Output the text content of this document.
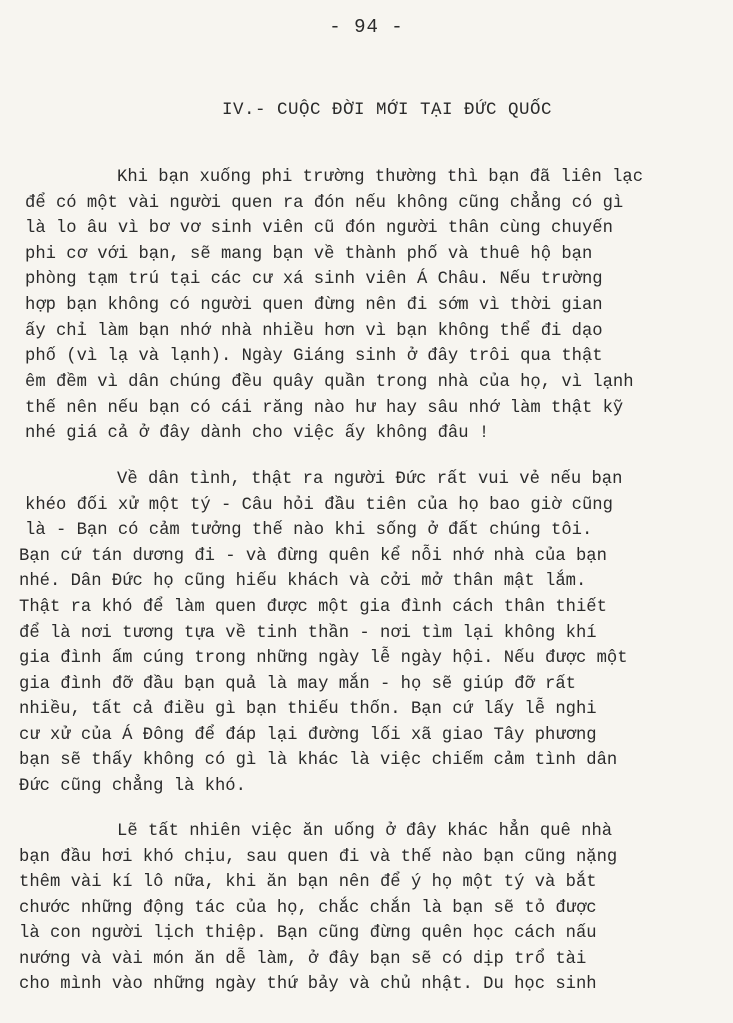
- 94 -
IV.- CUỘC ĐỜI MỚI TẠI ĐỨC QUỐC
Khi bạn xuống phi trường thường thì bạn đã liên lạc
để có một vài người quen ra đón nếu không cũng chẳng có gì
là lo âu vì bơ vơ sinh viên cũ đón người thân cùng chuyến
phi cơ với bạn, sẽ mang bạn về thành phố và thuê hộ bạn
phòng tạm trú tại các cư xá sinh viên Á Châu. Nếu trường
hợp bạn không có người quen đừng nên đi sớm vì thời gian
ấy chỉ làm bạn nhớ nhà nhiều hơn vì bạn không thể đi dạo
phố (vì lạ và lạnh). Ngày Giáng sinh ở đây trôi qua thật
êm đềm vì dân chúng đều quây quần trong nhà của họ, vì lạnh
thế nên nếu bạn có cái răng nào hư hay sâu nhớ làm thật kỹ
nhé giá cả ở đây dành cho việc ấy không đâu !
Về dân tình, thật ra người Đức rất vui vẻ nếu bạn
khéo đối xử một tý - Câu hỏi đầu tiên của họ bao giờ cũng
là - Bạn có cảm tưởng thế nào khi sống ở đất chúng tôi.
Bạn cứ tán dương đi - và đừng quên kể nỗi nhớ nhà của bạn
nhé. Dân Đức họ cũng hiếu khách và cởi mở thân mật lắm.
Thật ra khó để làm quen được một gia đình cách thân thiết
để là nơi tương tựa về tinh thần - nơi tìm lại không khí
gia đình ấm cúng trong những ngày lễ ngày hội. Nếu được một
gia đình đỡ đầu bạn quả là may mắn - họ sẽ giúp đỡ rất
nhiều, tất cả điều gì bạn thiếu thốn. Bạn cứ lấy lễ nghi
cư xử của Á Đông để đáp lại đường lối xã giao Tây phương
bạn sẽ thấy không có gì là khác là việc chiếm cảm tình dân
Đức cũng chẳng là khó.
Lẽ tất nhiên việc ăn uống ở đây khác hẳn quê nhà
bạn đầu hơi khó chịu, sau quen đi và thế nào bạn cũng nặng
thêm vài kí lô nữa, khi ăn bạn nên để ý họ một tý và bắt
chước những động tác của họ, chắc chắn là bạn sẽ tỏ được
là con người lịch thiệp. Bạn cũng đừng quên học cách nấu
nướng và vài món ăn dễ làm, ở đây bạn sẽ có dịp trổ tài
cho mình vào những ngày thứ bảy và chủ nhật. Du học sinh
